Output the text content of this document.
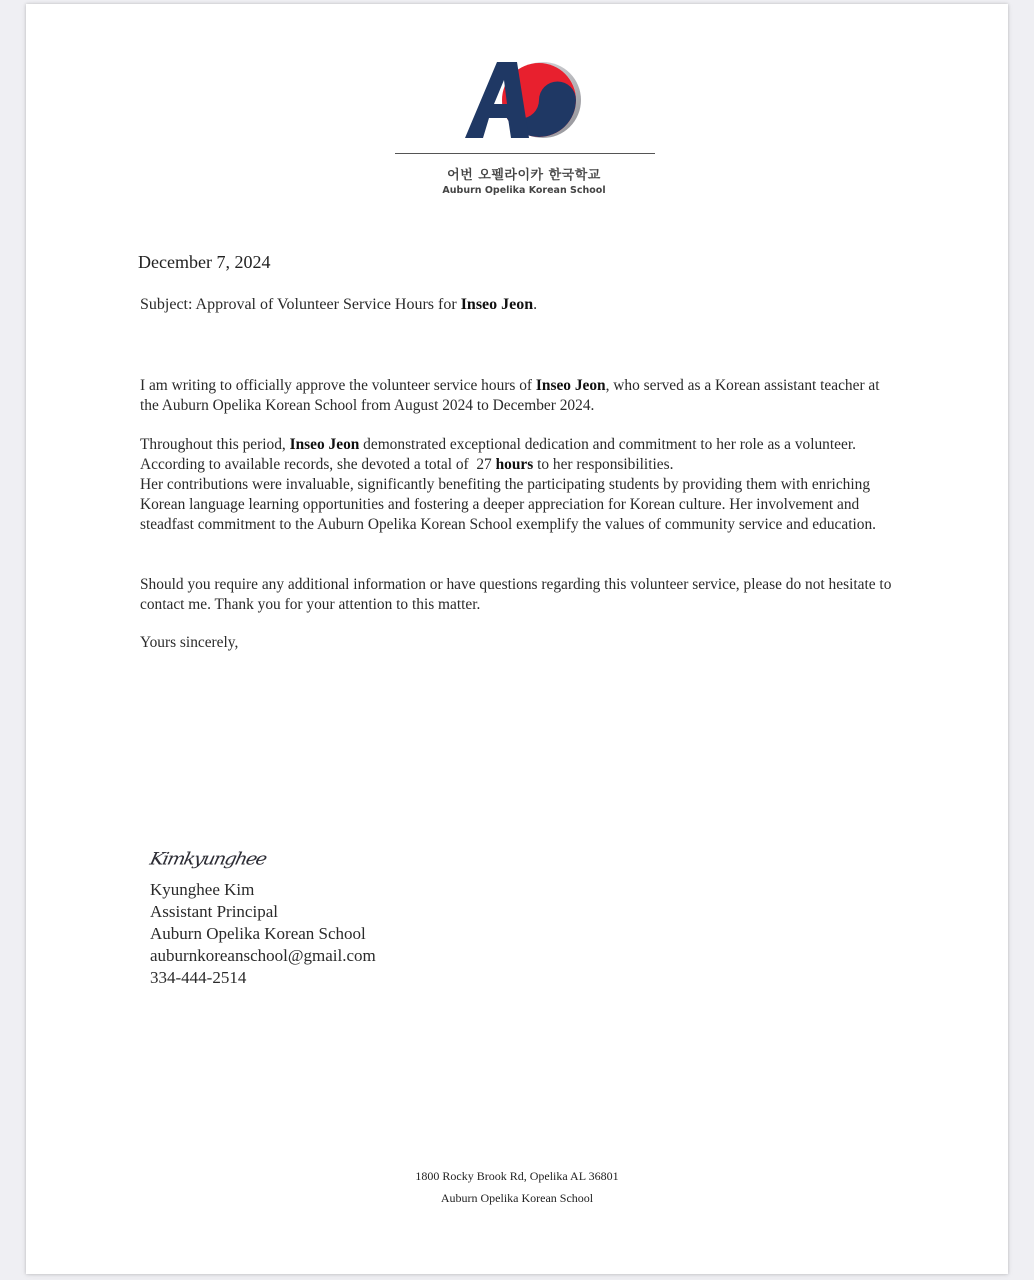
어번 오펠라이카 한국학교
Auburn Opelika Korean School
December 7, 2024
Subject: Approval of Volunteer Service Hours for Inseo Jeon.
I am writing to officially approve the volunteer service hours of Inseo Jeon, who served as a Korean assistant teacher at the Auburn Opelika Korean School from August 2024 to December 2024.
Throughout this period, Inseo Jeon demonstrated exceptional dedication and commitment to her role as a volunteer. According to available records, she devoted a total of  27 hours to her responsibilities.
Her contributions were invaluable, significantly benefiting the participating students by providing them with enriching Korean language learning opportunities and fostering a deeper appreciation for Korean culture. Her involvement and steadfast commitment to the Auburn Opelika Korean School exemplify the values of community service and education.
Should you require any additional information or have questions regarding this volunteer service, please do not hesitate to contact me. Thank you for your attention to this matter.
Yours sincerely,
Kimkyunghee
Kyunghee Kim
Assistant Principal
Auburn Opelika Korean School
auburnkoreanschool@gmail.com
334-444-2514
1800 Rocky Brook Rd, Opelika AL 36801
Auburn Opelika Korean School
